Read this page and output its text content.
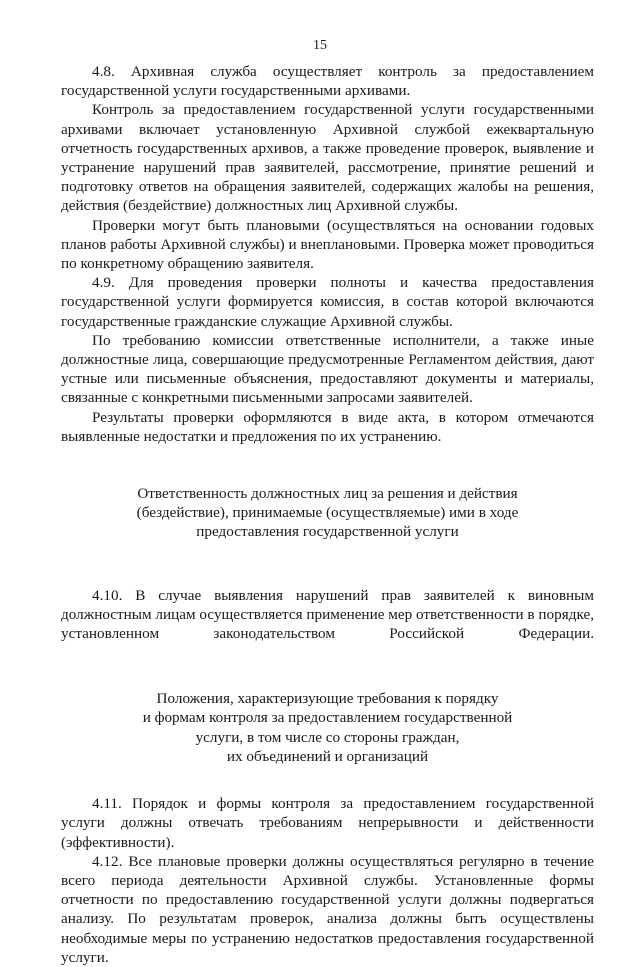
15

4.8. Архивная служба осуществляет контроль за предоставлением государственной услуги государственными архивами.

Контроль за предоставлением государственной услуги государственными архивами включает установленную Архивной службой ежеквартальную отчетность государственных архивов, а также проведение проверок, выявление и устранение нарушений прав заявителей, рассмотрение, принятие решений и подготовку ответов на обращения заявителей, содержащих жалобы на решения, действия (бездействие) должностных лиц Архивной службы.

Проверки могут быть плановыми (осуществляться на основании годовых планов работы Архивной службы) и внеплановыми. Проверка может проводиться по конкретному обращению заявителя.

4.9. Для проведения проверки полноты и качества предоставления государственной услуги формируется комиссия, в состав которой включаются государственные гражданские служащие Архивной службы.

По требованию комиссии ответственные исполнители, а также иные должностные лица, совершающие предусмотренные Регламентом действия, дают устные или письменные объяснения, предоставляют документы и материалы, связанные с конкретными письменными запросами заявителей.

Результаты проверки оформляются в виде акта, в котором отмечаются выявленные недостатки и предложения по их устранению.

Ответственность должностных лиц за решения и действия
(бездействие), принимаемые (осуществляемые) ими в ходе
предоставления государственной услуги

4.10. В случае выявления нарушений прав заявителей к виновным должностным лицам осуществляется применение мер ответственности в порядке, установленном законодательством Российской Федерации.

Положения, характеризующие требования к порядку
и формам контроля за предоставлением государственной
услуги, в том числе со стороны граждан,
их объединений и организаций

4.11. Порядок и формы контроля за предоставлением государственной услуги должны отвечать требованиям непрерывности и действенности (эффективности).

4.12. Все плановые проверки должны осуществляться регулярно в течение всего периода деятельности Архивной службы. Установленные формы отчетности по предоставлению государственной услуги должны подвергаться анализу. По результатам проверок, анализа должны быть осуществлены необходимые меры по устранению недостатков предоставления государственной услуги.
